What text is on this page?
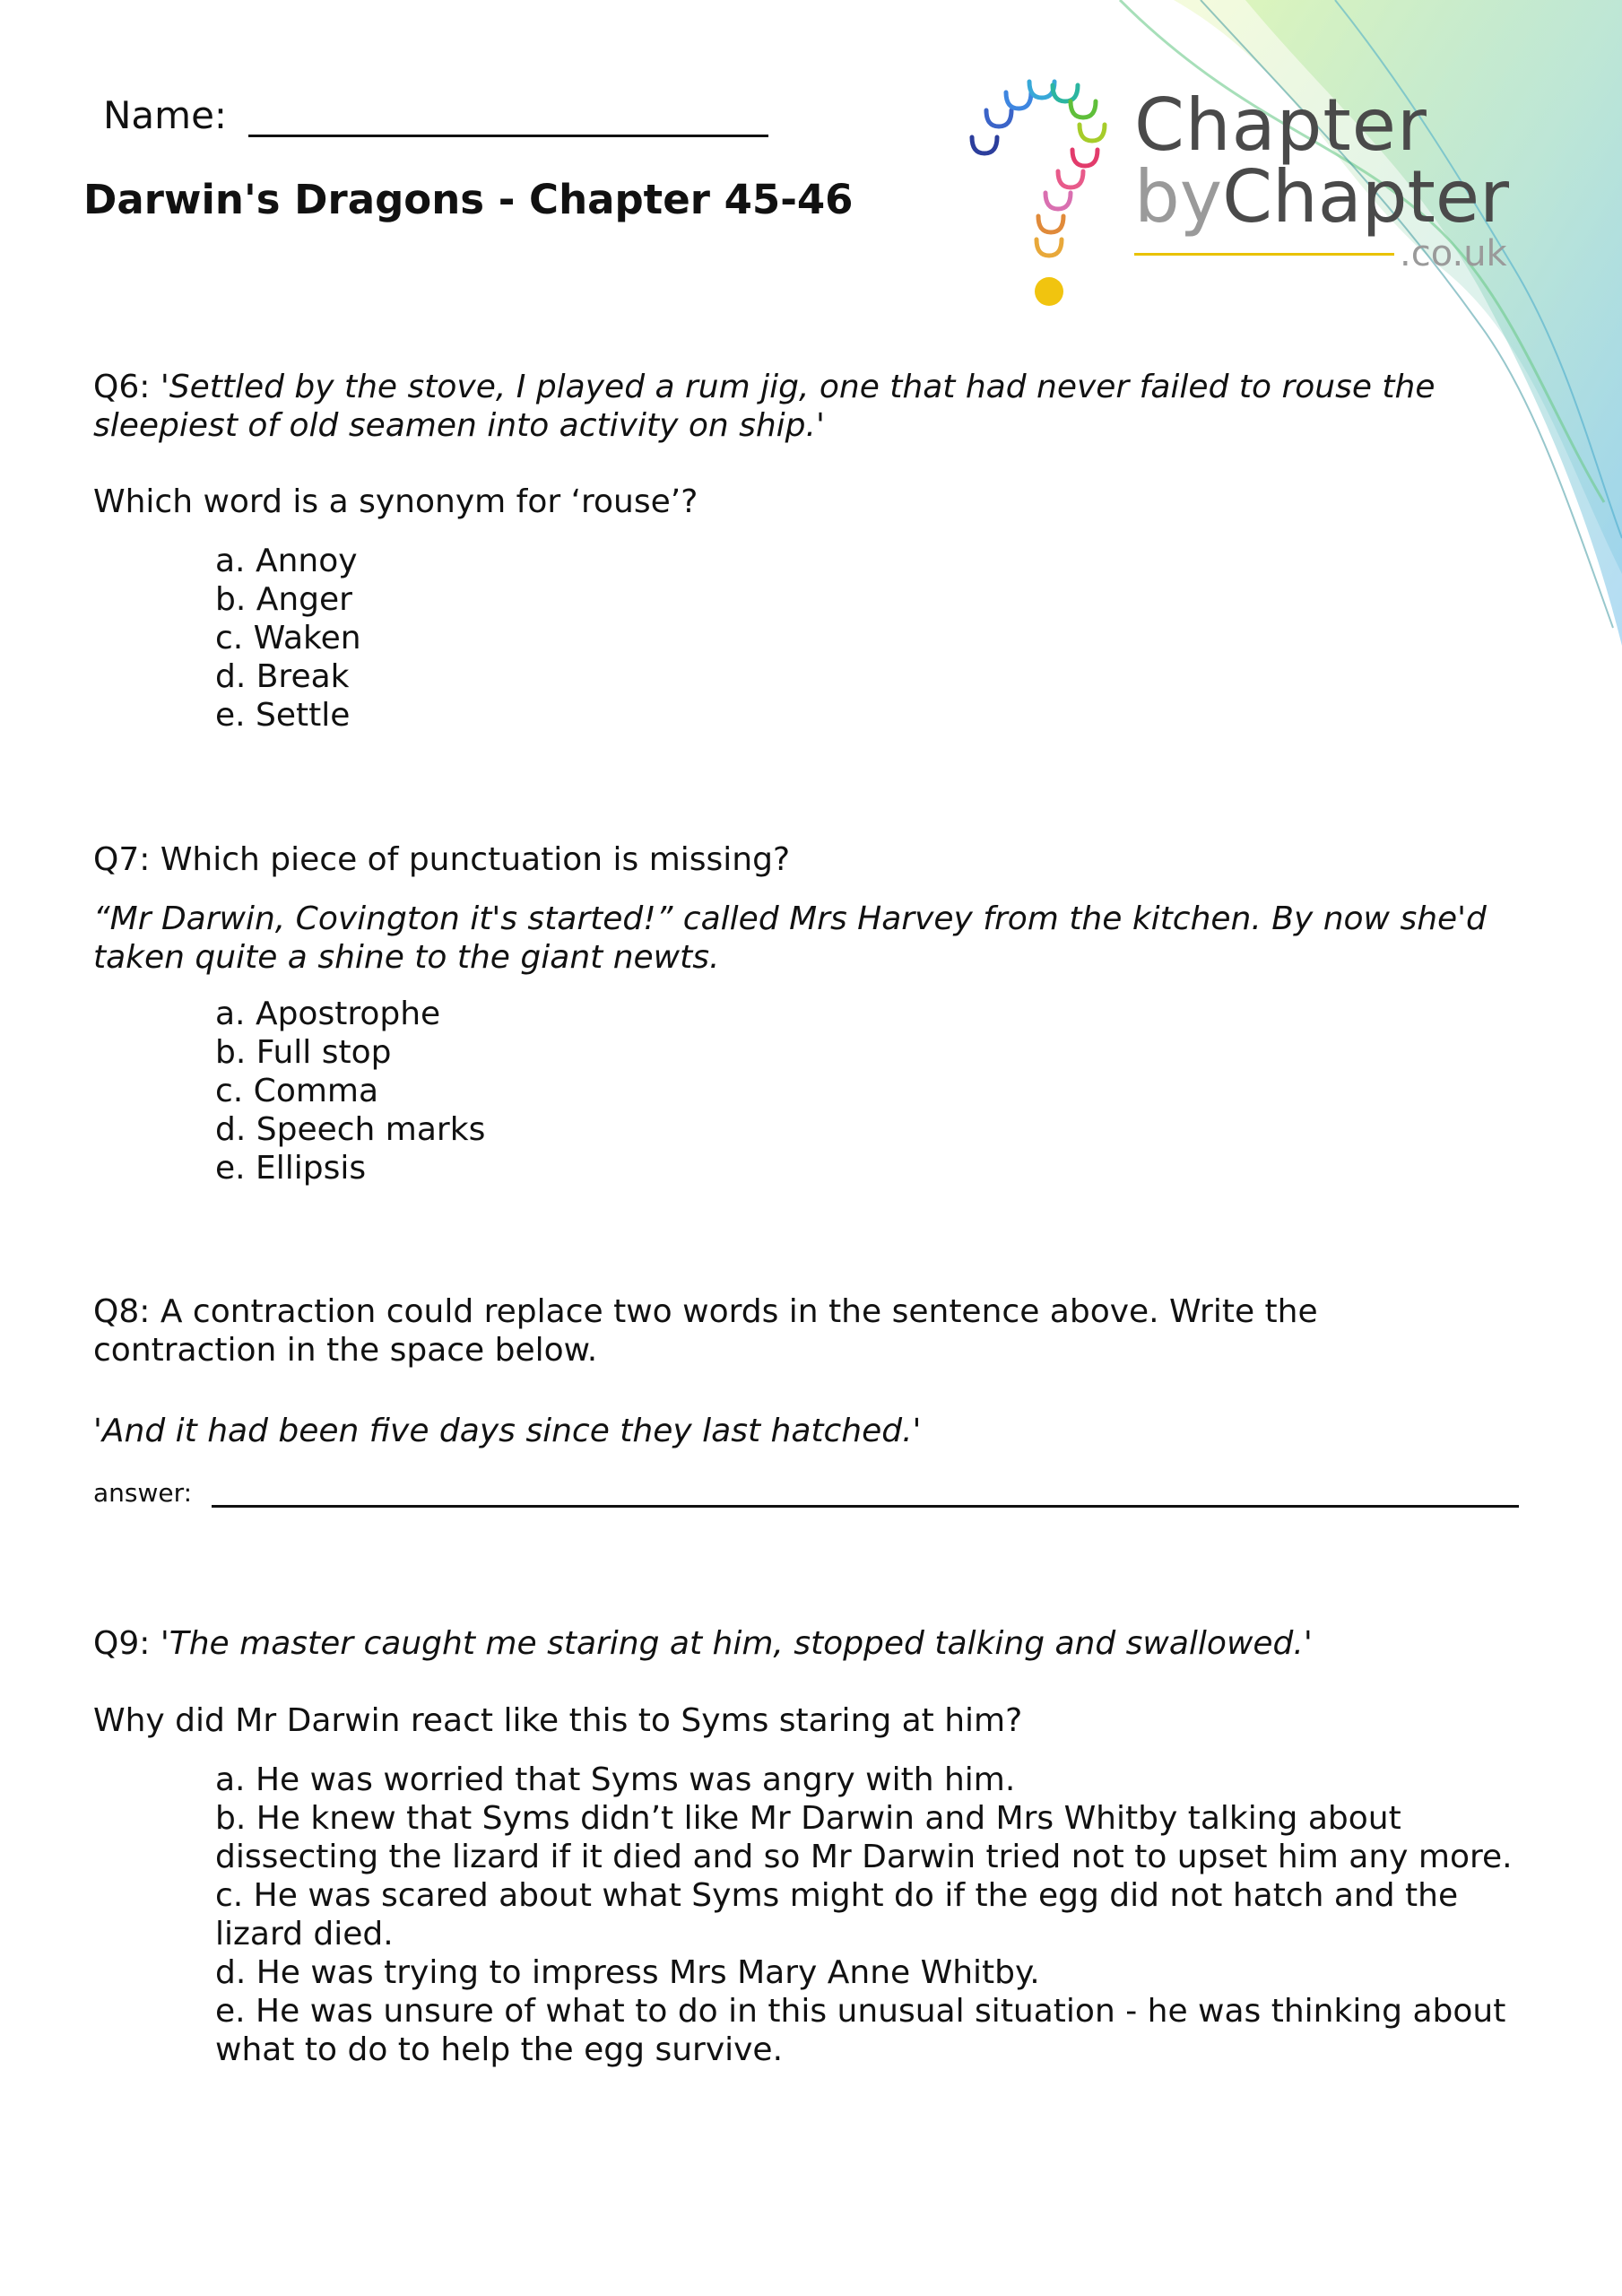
Name:
Darwin's Dragons - Chapter 45-46
Chapter
byChapter
.co.uk
Q6: 'Settled by the stove, I played a rum jig, one that had never failed to rouse the sleepiest of old seamen into activity on ship.'
Which word is a synonym for ‘rouse’?

a. Annoy

b. Anger

c. Waken

d. Break

e. Settle

Q7: Which piece of punctuation is missing?
“Mr Darwin, Covington it's started!” called Mrs Harvey from the kitchen. By now she'd taken quite a shine to the giant newts.

a. Apostrophe

b. Full stop

c. Comma

d. Speech marks

e. Ellipsis

Q8: A contraction could replace two words in the sentence above. Write the contraction in the space below.
'And it had been five days since they last hatched.'
answer:
Q9: 'The master caught me staring at him, stopped talking and swallowed.'
Why did Mr Darwin react like this to Syms staring at him?

a. He was worried that Syms was angry with him.

b. He knew that Syms didn’t like Mr Darwin and Mrs Whitby talking about dissecting the lizard if it died and so Mr Darwin tried not to upset him any more.

c. He was scared about what Syms might do if the egg did not hatch and the lizard died.

d. He was trying to impress Mrs Mary Anne Whitby.

e. He was unsure of what to do in this unusual situation - he was thinking about what to do to help the egg survive.
